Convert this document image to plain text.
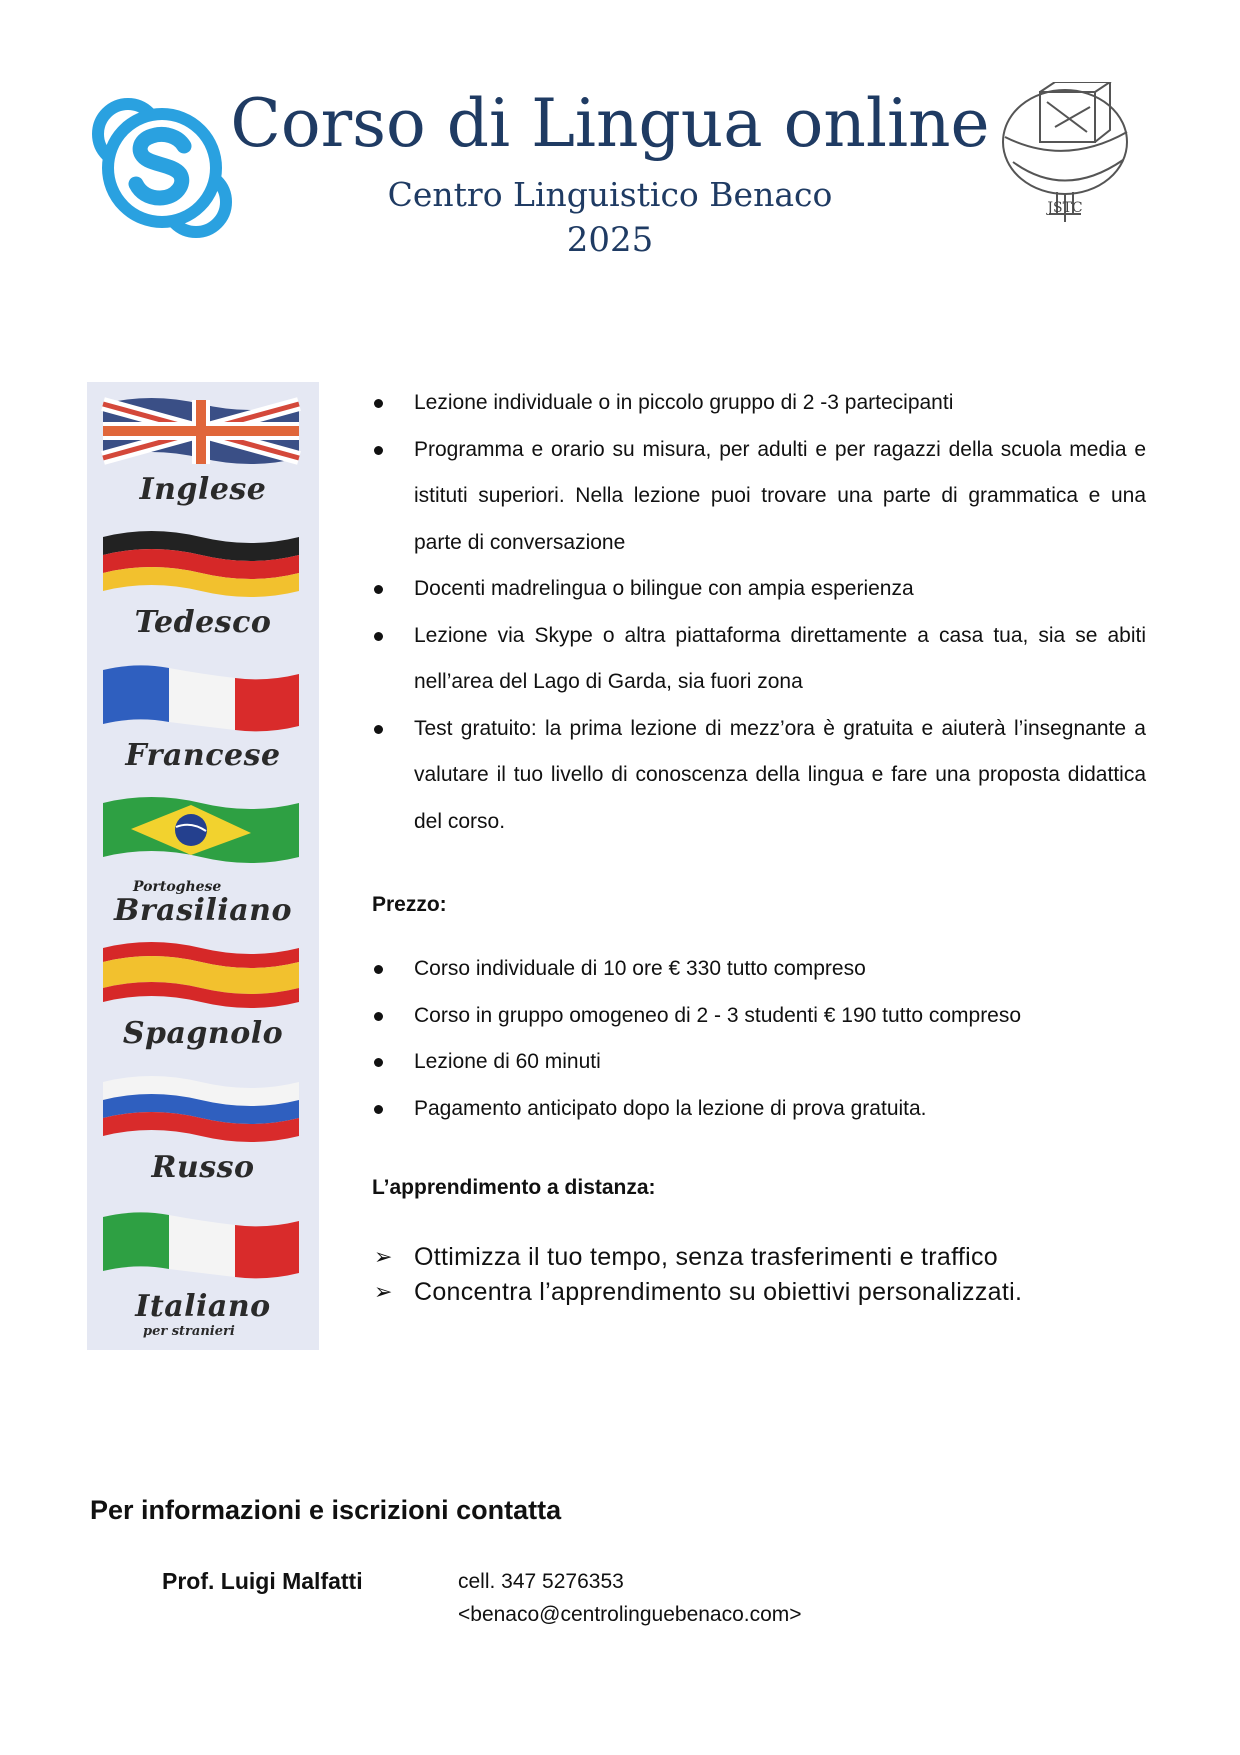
Corso di Lingua online
Centro Linguistico Benaco
2025
JSTC
Inglese
Tedesco
Francese
Portoghese
Brasiliano
Spagnolo
Russo
Italiano
per stranieri
Lezione individuale o in piccolo gruppo di 2 -3 partecipanti
Programma e orario su misura, per adulti e per ragazzi della scuola media e istituti superiori. Nella lezione puoi trovare una parte di grammatica e una parte di conversazione
Docenti madrelingua o bilingue con ampia esperienza
Lezione via Skype o altra piattaforma direttamente a casa tua, sia se abiti nell’area del Lago di Garda, sia fuori zona
Test gratuito: la prima lezione di mezz’ora è gratuita e aiuterà l’insegnante a valutare il tuo livello di conoscenza della lingua e fare una proposta didattica del corso.
Prezzo:
Corso individuale di 10 ore € 330 tutto compreso
Corso in gruppo omogeneo di 2 - 3 studenti € 190 tutto compreso
Lezione di 60 minuti
Pagamento anticipato dopo la lezione di prova gratuita.
L’apprendimento a distanza:
➢ Ottimizza il tuo tempo, senza trasferimenti e traffico
➢ Concentra l’apprendimento su obiettivi personalizzati.
Per informazioni e iscrizioni contatta
Prof. Luigi Malfatti	cell. 347 5276353
<benaco@centrolinguebenaco.com>
